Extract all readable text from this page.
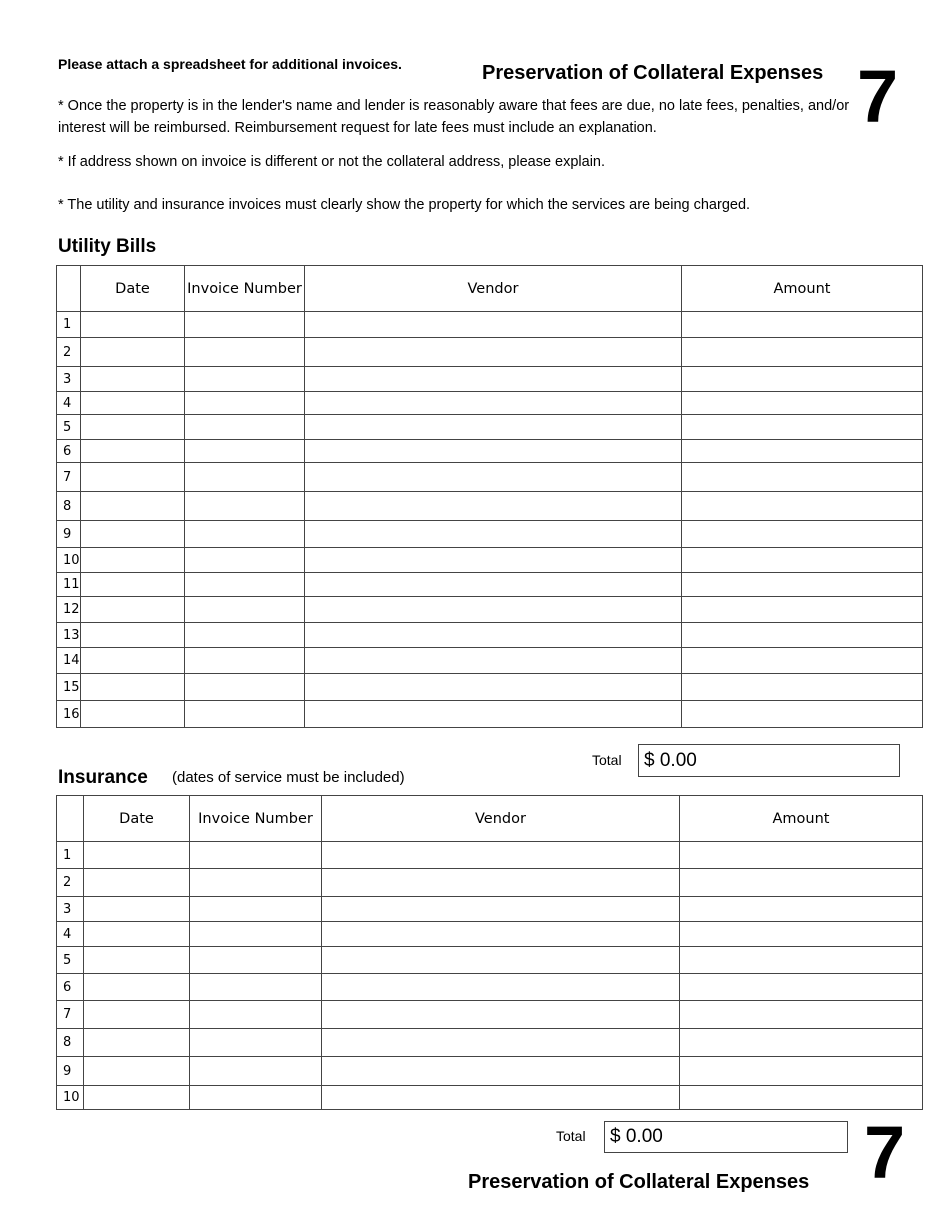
Please attach a spreadsheet for additional invoices.	Preservation of Collateral Expenses 7
* Once the property is in the lender's name and lender is reasonably aware that fees are due, no late fees, penalties, and/or interest will be reimbursed. Reimbursement request for late fees must include an explanation.
* If address shown on invoice is different or not the collateral address, please explain.
* The utility and insurance invoices must clearly show the property for which the services are being charged.
Utility Bills
	Date	Invoice Number	Vendor	Amount
1				
2				
3				
4				
5				
6				
7				
8				
9				
10				
11				
12				
13				
14				
15				
16				
Total	$ 0.00
Insurance (dates of service must be included)
	Date	Invoice Number	Vendor	Amount
1				
2				
3				
4				
5				
6				
7				
8				
9				
10				
Total	$ 0.00
Preservation of Collateral Expenses 7
